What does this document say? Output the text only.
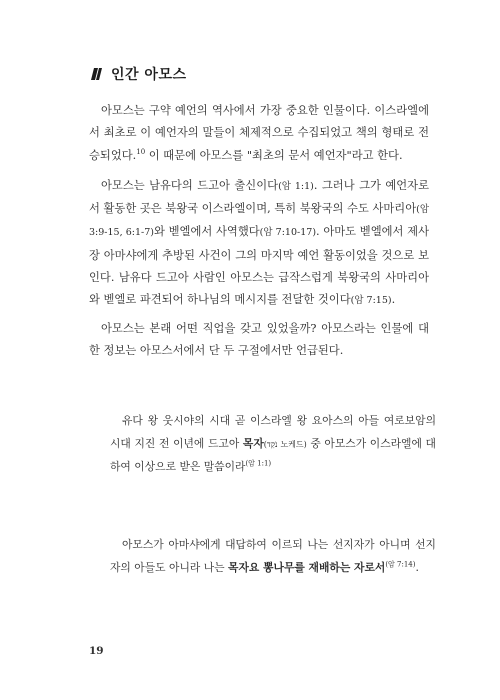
인간 아모스

아모스는 구약 예언의 역사에서 가장 중요한 인물이다. 이스라엘에서 최초로 이 예언자의 말들이 체제적으로 수집되었고 책의 형태로 전승되었다.$^{10}$ 이 때문에 아모스를 "최초의 문서 예언자"라고 한다.

아모스는 남유다의 드고아 출신이다(암 1:1). 그러나 그가 예언자로서 활동한 곳은 북왕국 이스라엘이며, 특히 북왕국의 수도 사마리아(암 3:9-15, 6:1-7)와 벧엘에서 사역했다(암 7:10-17). 아마도 벧엘에서 제사장 아마샤에게 추방된 사건이 그의 마지막 예언 활동이었을 것으로 보인다. 남유다 드고아 사람인 아모스는 급작스럽게 북왕국의 사마리아와 벧엘로 파견되어 하나님의 메시지를 전달한 것이다(암 7:15).

아모스는 본래 어떤 직업을 갖고 있었을까? 아모스라는 인물에 대한 정보는 아모스서에서 단 두 구절에서만 언급된다.

유다 왕 웃시야의 시대 곧 이스라엘 왕 요아스의 아들 여로보암의 시대 지진 전 이년에 드고아 목자(נֹקֵד 노케드) 중 아모스가 이스라엘에 대하여 이상으로 받은 말씀이라$^{(암 1:1)}$

아모스가 아마샤에게 대답하여 이르되 나는 선지자가 아니며 선지자의 아들도 아니라 나는 목자요 뽕나무를 재배하는 자로서$^{(암 7:14)}$.

19
